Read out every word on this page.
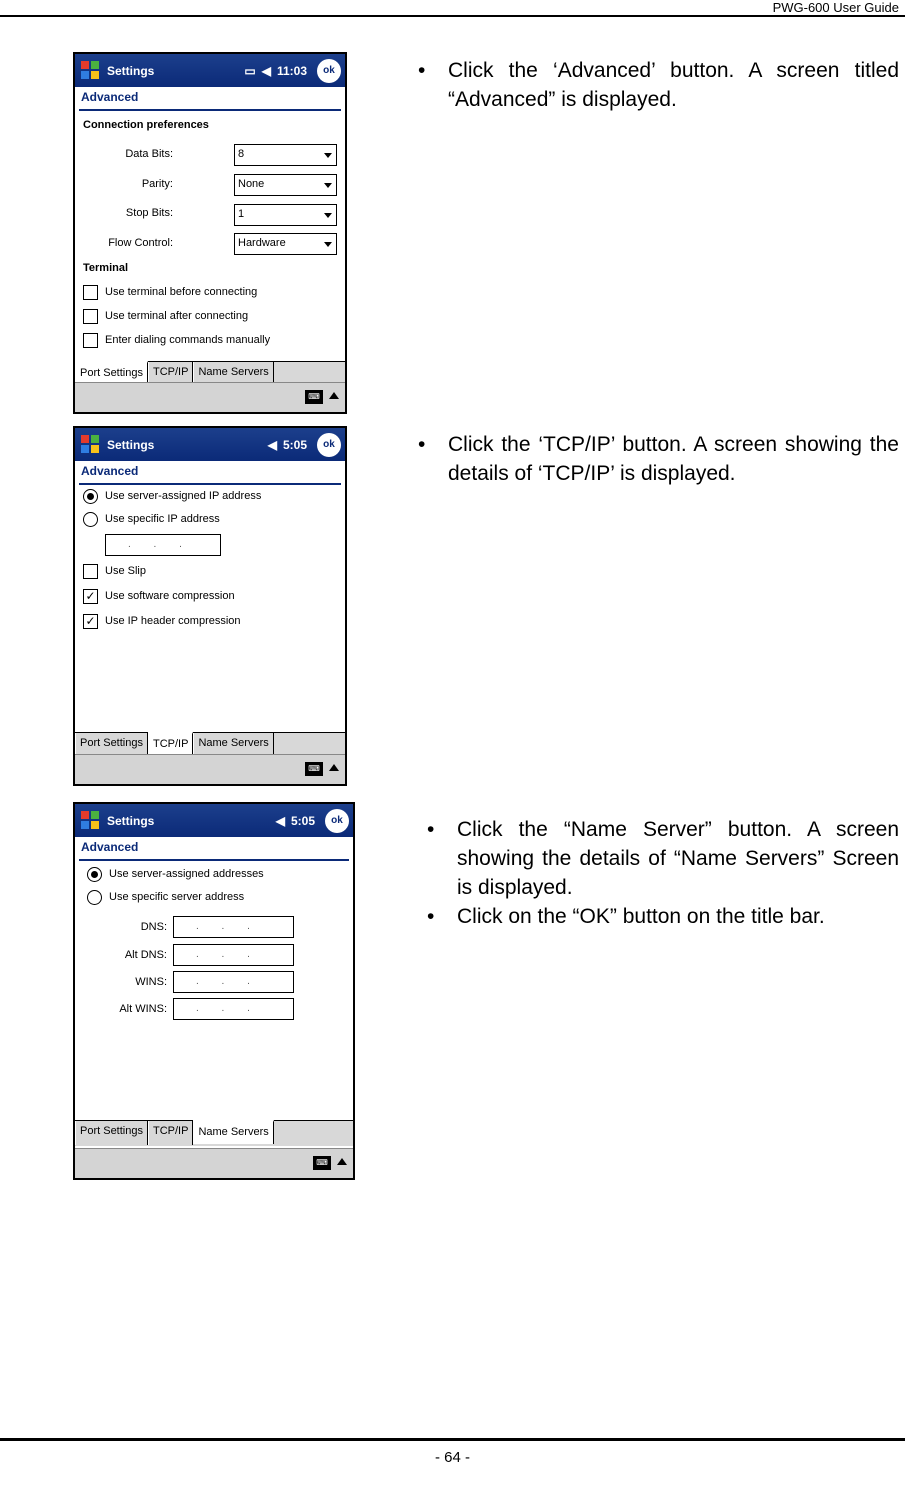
PWG-600 User Guide
Settings	▭ ◀ 11:03	ok
Advanced
Connection preferences
Data Bits:	8
Parity:	None
Stop Bits:	1
Flow Control:	Hardware
Terminal
Use terminal before connecting
Use terminal after connecting
Enter dialing commands manually
Port Settings TCP/IP Name Servers
⌨
Settings	◀ 5:05	ok
Advanced
Use server-assigned IP address
Use specific IP address
. . .
Use Slip
✓ Use software compression
✓ Use IP header compression
Port Settings TCP/IP Name Servers
⌨
Settings	◀ 5:05	ok
Advanced
Use server-assigned addresses
Use specific server address
DNS:	. . .
Alt DNS:	. . .
WINS:	. . .
Alt WINS:	. . .
Port Settings TCP/IP Name Servers
⌨
• Click the ‘Advanced’ button. A screen titled “Advanced” is displayed.
• Click the ‘TCP/IP’ button. A screen showing the details of ‘TCP/IP’ is displayed.
• Click the “Name Server” button. A screen showing the details of “Name Servers” Screen is displayed.
• Click on the “OK” button on the title bar.
- 64 -
